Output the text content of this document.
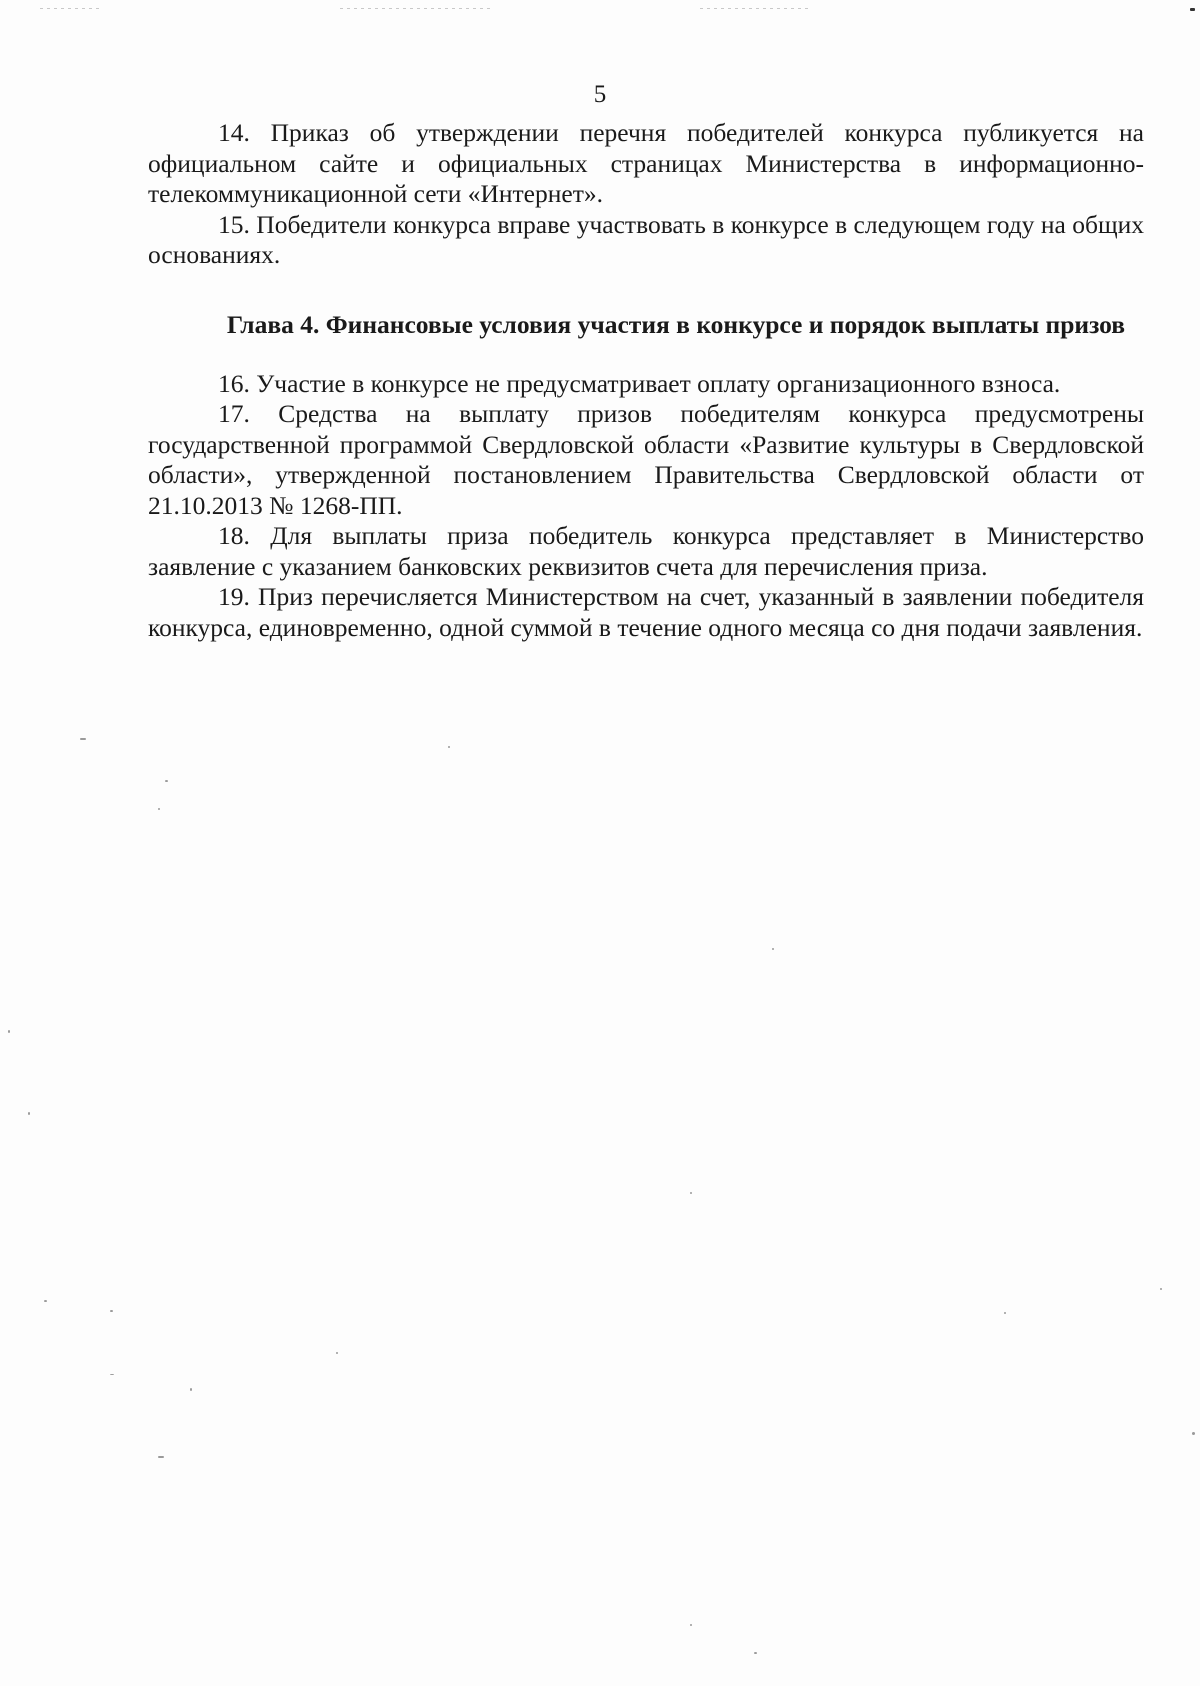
5

14. Приказ об утверждении перечня победителей конкурса публикуется на официальном сайте и официальных страницах Министерства в информационно-телекоммуникационной сети «Интернет».

15. Победители конкурса вправе участвовать в конкурсе в следующем году на общих основаниях.

Глава 4. Финансовые условия участия в конкурсе и порядок выплаты призов

16. Участие в конкурсе не предусматривает оплату организационного взноса.

17. Средства на выплату призов победителям конкурса предусмотрены государственной программой Свердловской области «Развитие культуры в Свердловской области», утвержденной постановлением Правительства Свердловской области от 21.10.2013 № 1268-ПП.

18. Для выплаты приза победитель конкурса представляет в Министерство заявление с указанием банковских реквизитов счета для перечисления приза.

19. Приз перечисляется Министерством на счет, указанный в заявлении победителя конкурса, единовременно, одной суммой в течение одного месяца со дня подачи заявления.
